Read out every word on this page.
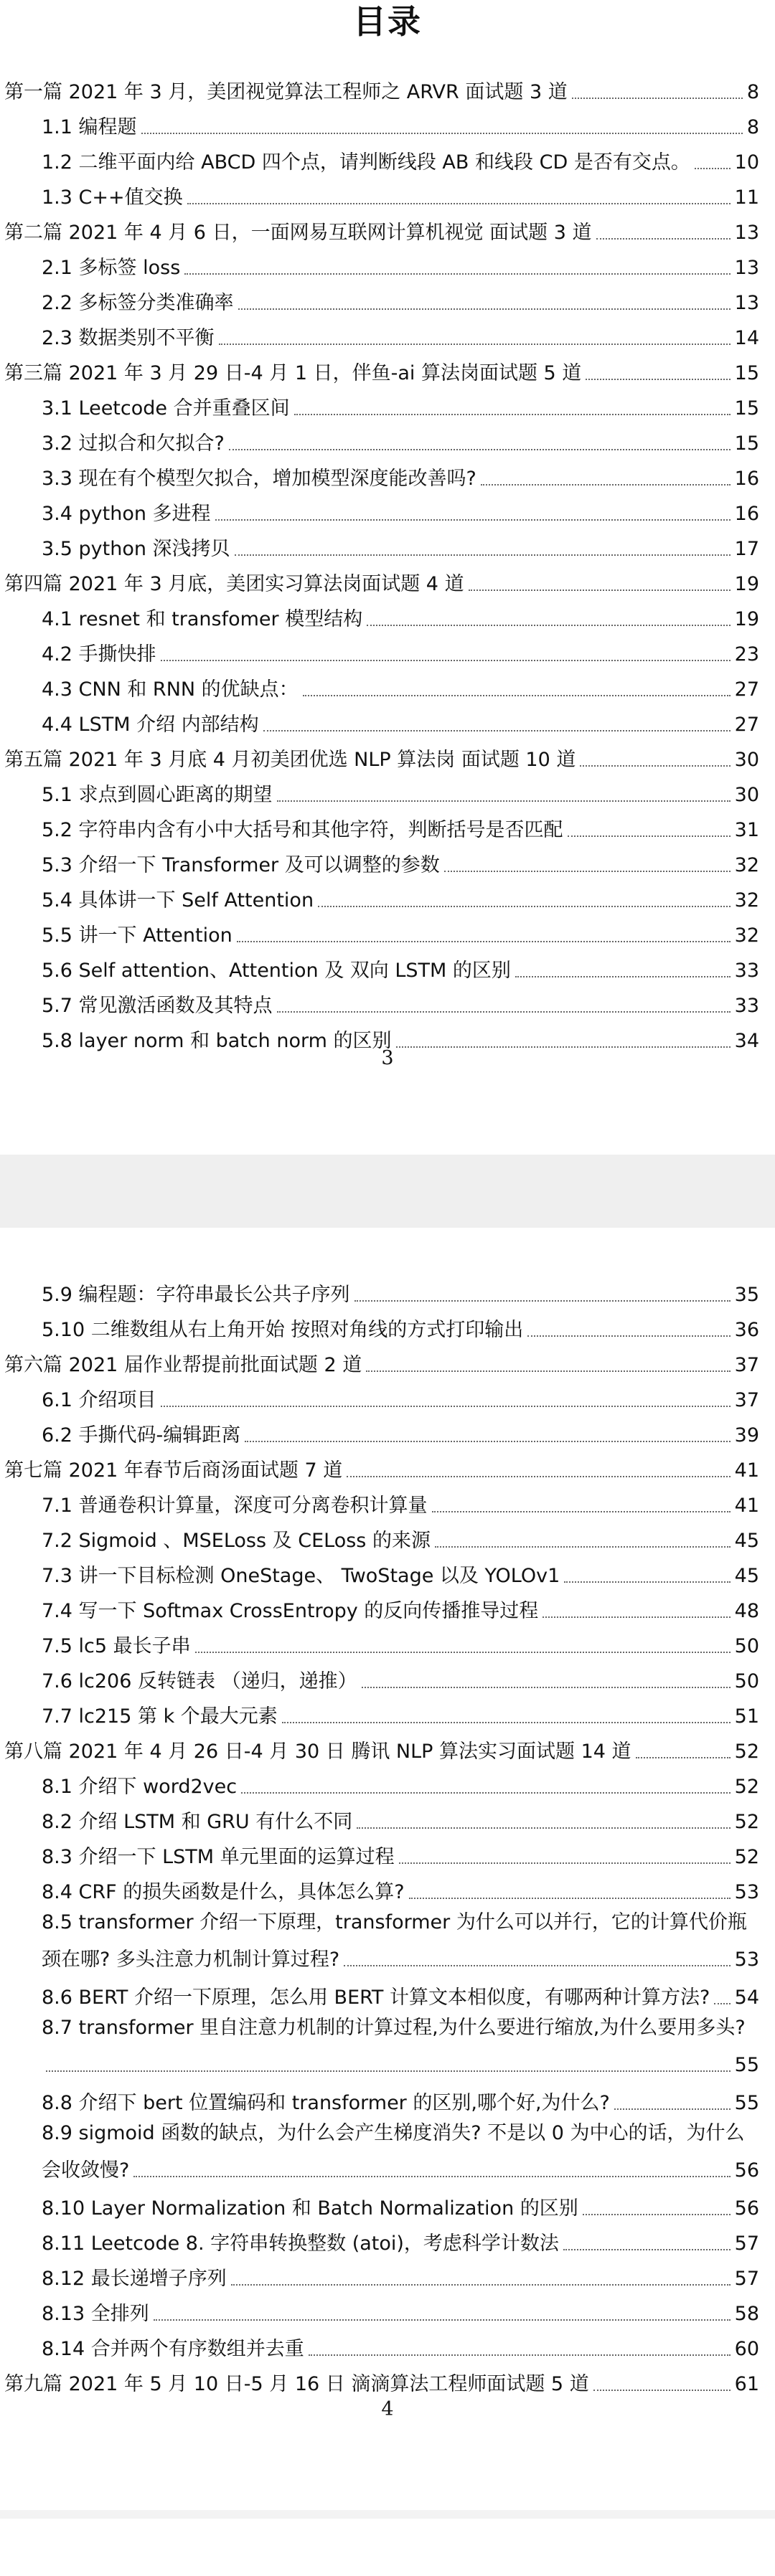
目录
第一篇 2021 年 3 月，美团视觉算法工程师之 ARVR 面试题 3 道	8
1.1 编程题	8
1.2 二维平面内给 ABCD 四个点，请判断线段 AB 和线段 CD 是否有交点。 10
1.3 C++值交换	11
第二篇 2021 年 4 月 6 日，一面网易互联网计算机视觉 面试题 3 道	13
2.1 多标签 loss	13
2.2 多标签分类准确率	13
2.3 数据类别不平衡	14
第三篇 2021 年 3 月 29 日-4 月 1 日，伴鱼-ai 算法岗面试题 5 道	15
3.1 Leetcode 合并重叠区间	15
3.2 过拟合和欠拟合?	15
3.3 现在有个模型欠拟合，增加模型深度能改善吗?	16
3.4 python 多进程	16
3.5 python 深浅拷贝	17
第四篇 2021 年 3 月底，美团实习算法岗面试题 4 道	19
4.1 resnet 和 transfomer 模型结构	19
4.2 手撕快排	23
4.3 CNN 和 RNN 的优缺点：	27
4.4 LSTM 介绍 内部结构	27
第五篇 2021 年 3 月底 4 月初美团优选 NLP 算法岗 面试题 10 道	30
5.1 求点到圆心距离的期望	30
5.2 字符串内含有小中大括号和其他字符，判断括号是否匹配	31
5.3 介绍一下 Transformer 及可以调整的参数	32
5.4 具体讲一下 Self Attention	32
5.5 讲一下 Attention	32
5.6 Self attention、Attention 及 双向 LSTM 的区别	33
5.7 常见激活函数及其特点	33
5.8 layer norm 和 batch norm 的区别	34
3
5.9 编程题：字符串最长公共子序列	35
5.10 二维数组从右上角开始 按照对角线的方式打印输出	36
第六篇 2021 届作业帮提前批面试题 2 道	37
6.1 介绍项目	37
6.2 手撕代码-编辑距离	39
第七篇 2021 年春节后商汤面试题 7 道	41
7.1 普通卷积计算量，深度可分离卷积计算量	41
7.2 Sigmoid 、MSELoss 及 CELoss 的来源	45
7.3 讲一下目标检测 OneStage、 TwoStage 以及 YOLOv1	45
7.4 写一下 Softmax CrossEntropy 的反向传播推导过程	48
7.5 lc5 最长子串	50
7.6 lc206 反转链表 （递归，递推）	50
7.7 lc215 第 k 个最大元素	51
第八篇 2021 年 4 月 26 日-4 月 30 日 腾讯 NLP 算法实习面试题 14 道	52
8.1 介绍下 word2vec	52
8.2 介绍 LSTM 和 GRU 有什么不同	52
8.3 介绍一下 LSTM 单元里面的运算过程	52
8.4 CRF 的损失函数是什么，具体怎么算?	53
8.5 transformer 介绍一下原理，transformer 为什么可以并行，它的计算代价瓶
颈在哪? 多头注意力机制计算过程?	53
8.6 BERT 介绍一下原理，怎么用 BERT 计算文本相似度，有哪两种计算方法? 54
8.7 transformer 里自注意力机制的计算过程,为什么要进行缩放,为什么要用多头?
55
8.8 介绍下 bert 位置编码和 transformer 的区别,哪个好,为什么?	55
8.9 sigmoid 函数的缺点，为什么会产生梯度消失? 不是以 0 为中心的话，为什么
会收敛慢?	56
8.10 Layer Normalization 和 Batch Normalization 的区别	56
8.11 Leetcode 8. 字符串转换整数 (atoi)，考虑科学计数法	57
8.12 最长递增子序列	57
8.13 全排列	58
8.14 合并两个有序数组并去重	60
第九篇 2021 年 5 月 10 日-5 月 16 日 滴滴算法工程师面试题 5 道	61
4
